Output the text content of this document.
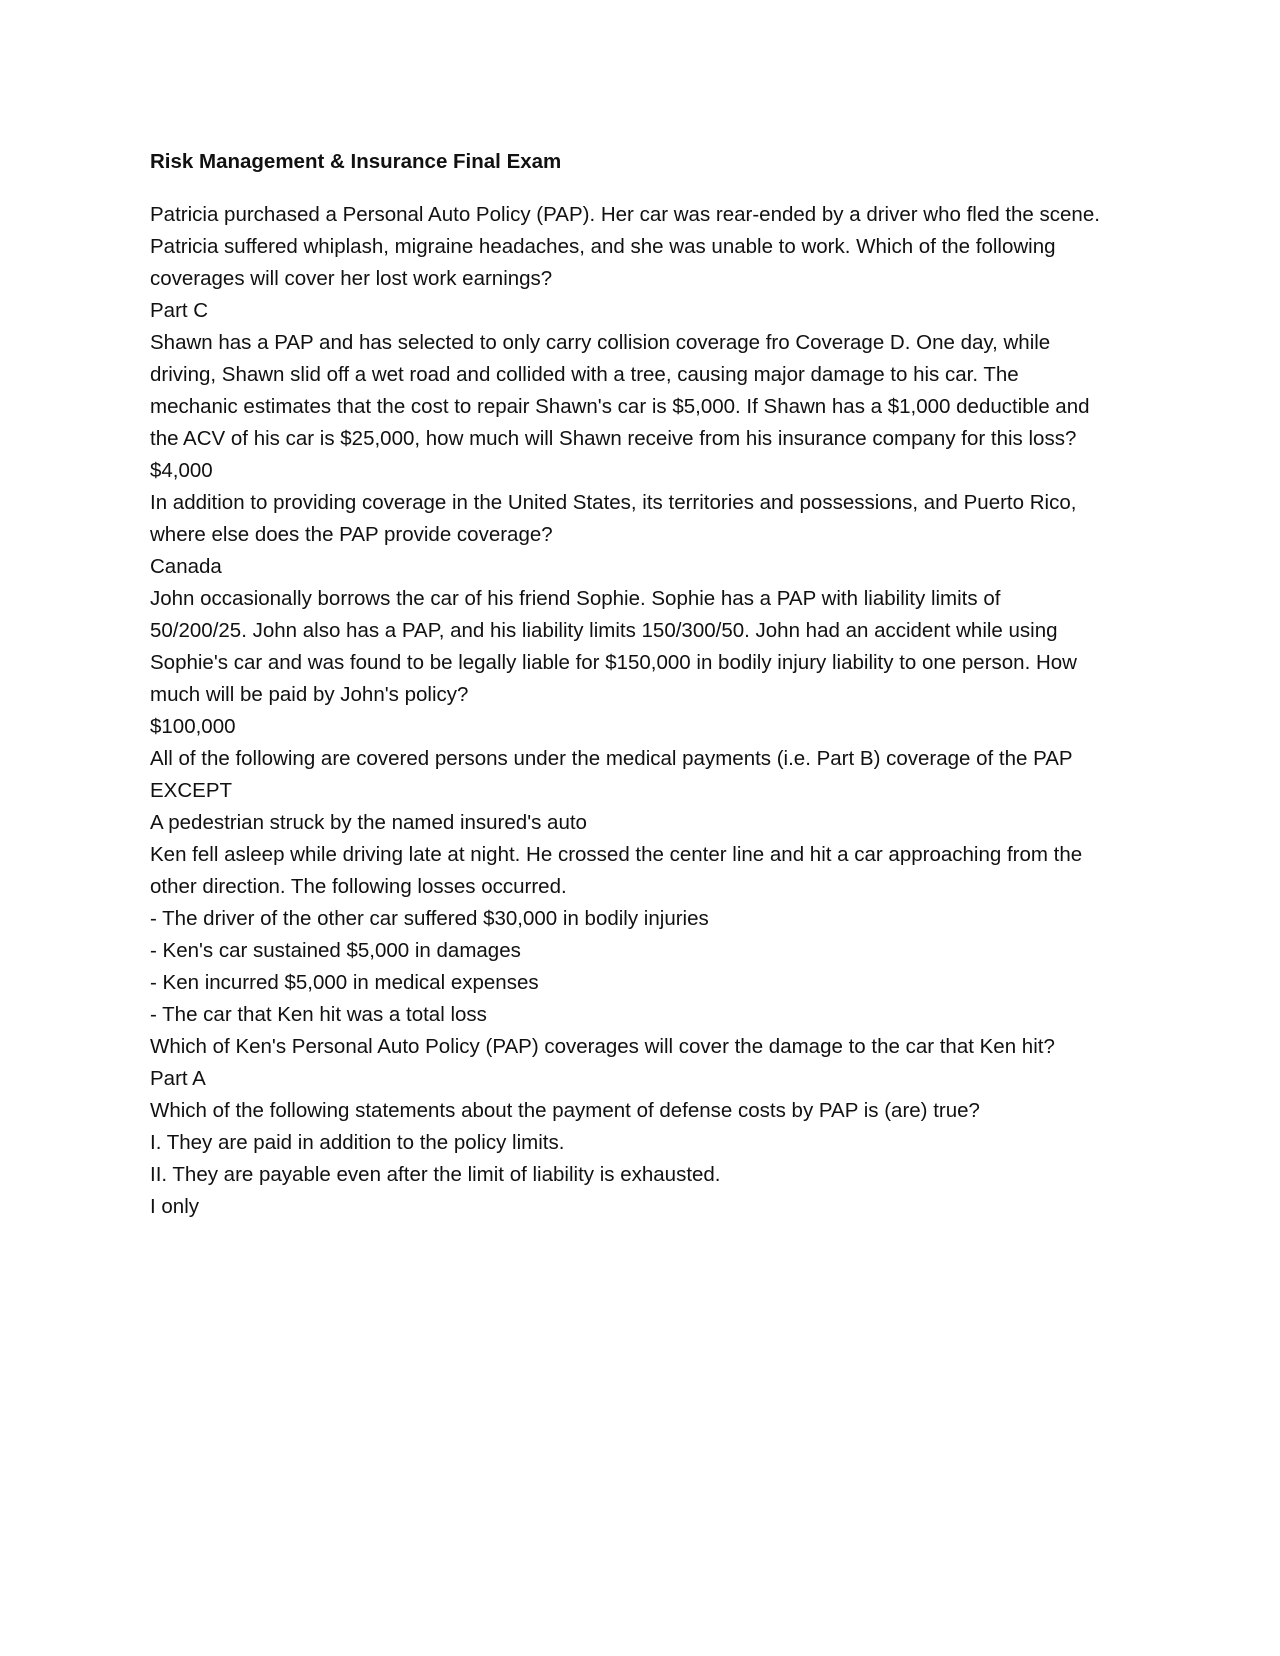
Risk Management & Insurance Final Exam
Patricia purchased a Personal Auto Policy (PAP). Her car was rear-ended by a driver who fled the scene.
Patricia suffered whiplash, migraine headaches, and she was unable to work. Which of the following
coverages will cover her lost work earnings?
Part C
Shawn has a PAP and has selected to only carry collision coverage fro Coverage D. One day, while
driving, Shawn slid off a wet road and collided with a tree, causing major damage to his car. The
mechanic estimates that the cost to repair Shawn's car is $5,000. If Shawn has a $1,000 deductible and
the ACV of his car is $25,000, how much will Shawn receive from his insurance company for this loss?
$4,000
In addition to providing coverage in the United States, its territories and possessions, and Puerto Rico,
where else does the PAP provide coverage?
Canada
John occasionally borrows the car of his friend Sophie. Sophie has a PAP with liability limits of
50/200/25. John also has a PAP, and his liability limits 150/300/50. John had an accident while using
Sophie's car and was found to be legally liable for $150,000 in bodily injury liability to one person. How
much will be paid by John's policy?
$100,000
All of the following are covered persons under the medical payments (i.e. Part B) coverage of the PAP
EXCEPT
A pedestrian struck by the named insured's auto
Ken fell asleep while driving late at night. He crossed the center line and hit a car approaching from the
other direction. The following losses occurred.
- The driver of the other car suffered $30,000 in bodily injuries
- Ken's car sustained $5,000 in damages
- Ken incurred $5,000 in medical expenses
- The car that Ken hit was a total loss
Which of Ken's Personal Auto Policy (PAP) coverages will cover the damage to the car that Ken hit?
Part A
Which of the following statements about the payment of defense costs by PAP is (are) true?
I. They are paid in addition to the policy limits.
II. They are payable even after the limit of liability is exhausted.
I only
